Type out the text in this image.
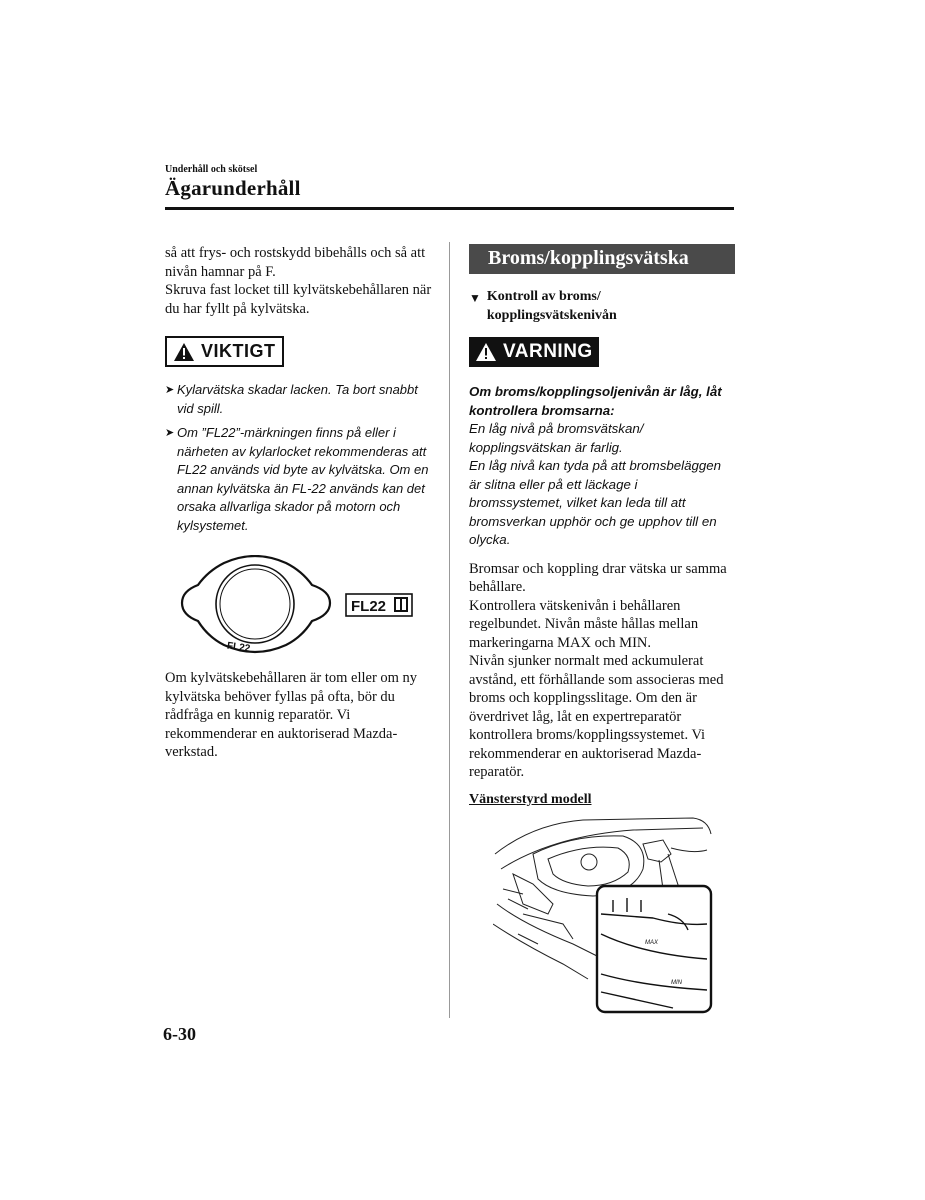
Underhåll och skötsel
Ägarunderhåll

så att frys- och rostskydd bibehålls och så att nivån hamnar på F.

Skruva fast locket till kylvätskebehållaren när du har fyllt på kylvätska.

VIKTIGT
➤ Kylarvätska skadar lacken. Ta bort snabbt vid spill.
➤ Om ”FL22”-märkningen finns på eller i närheten av kylarlocket rekommenderas att FL22 används vid byte av kylvätska. Om en annan kylvätska än FL-22 används kan det orsaka allvarliga skador på motorn och kylsystemet.
FL22
FL22
Om kylvätskebehållaren är tom eller om ny kylvätska behöver fyllas på ofta, bör du rådfråga en kunnig reparatör. Vi rekommenderar en auktoriserad Mazda-verkstad.
Broms/kopplingsvätska
▼ Kontroll av broms/ kopplingsvätskenivån
VARNING
Om broms/kopplingsoljenivån är låg, låt kontrollera bromsarna:
En låg nivå på bromsvätskan/ kopplingsvätskan är farlig.
En låg nivå kan tyda på att bromsbeläggen är slitna eller på ett läckage i bromssystemet, vilket kan leda till att bromsverkan upphör och ge upphov till en olycka.

Bromsar och koppling drar vätska ur samma behållare.

Kontrollera vätskenivån i behållaren regelbundet. Nivån måste hållas mellan markeringarna MAX och MIN.

Nivån sjunker normalt med ackumulerat avstånd, ett förhållande som associeras med broms och kopplingsslitage. Om den är överdrivet låg, låt en expertreparatör kontrollera broms/kopplingssystemet. Vi rekommenderar en auktoriserad Mazda-reparatör.

Vänsterstyrd modell
MAX
MIN
6-30
